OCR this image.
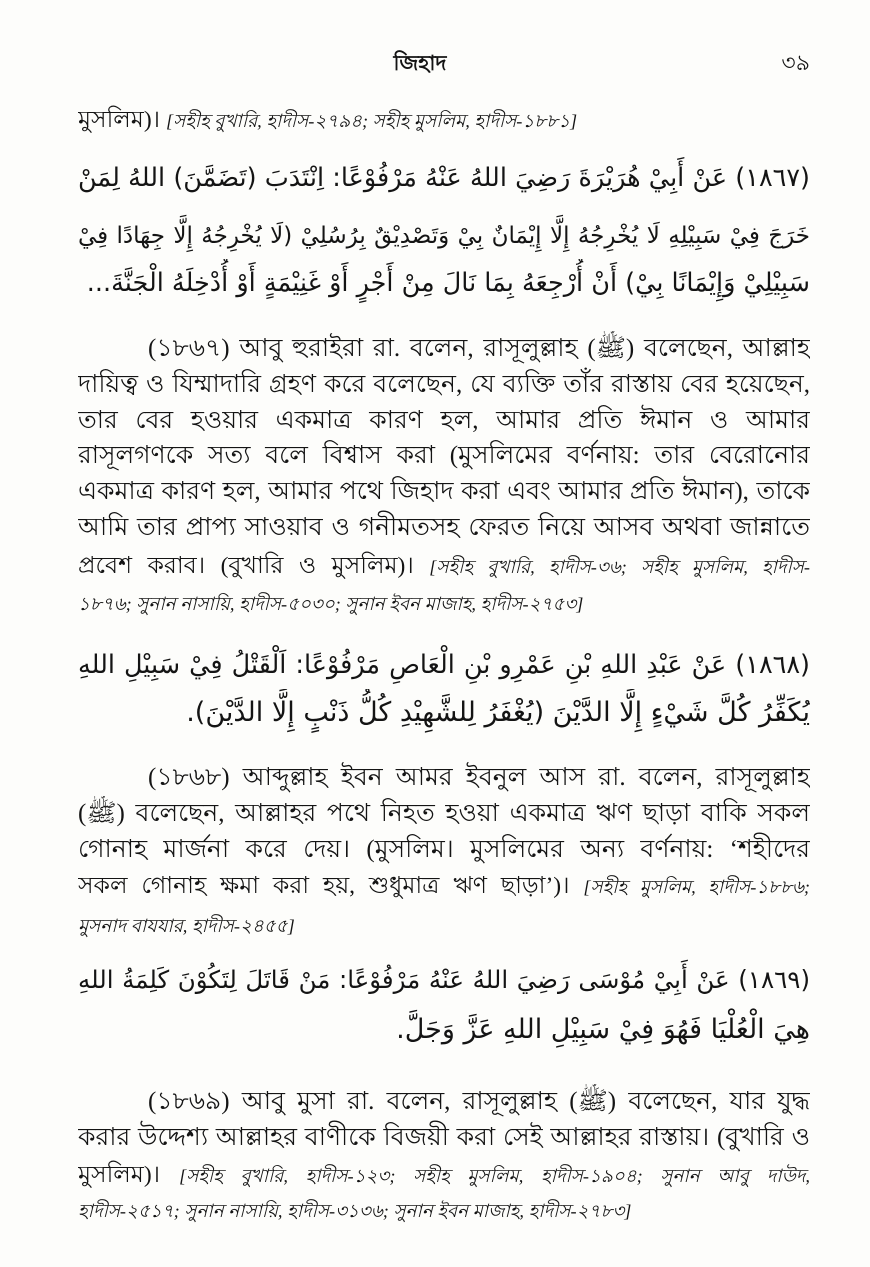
জিহাদ	৩৯
মুসলিম)। [সহীহ বুখারি, হাদীস-২৭৯৪; সহীহ মুসলিম, হাদীস-১৮৮১]
(١٨٦٧) عَنْ أَبِيْ هُرَيْرَةَ رَضِيَ اللهُ عَنْهُ مَرْفُوْعًا: اِنْتَدَبَ (تَضَمَّنَ) اللهُ لِمَنْ
خَرَجَ فِيْ سَبِيْلِهِ لَا يُخْرِجُهُ إِلَّا إِيْمَانٌ بِيْ وَتَصْدِيْقٌ بِرُسُلِيْ (لَا يُخْرِجُهُ إِلَّا جِهَادًا فِيْ
سَبِيْلِيْ وَإِيْمَانًا بِيْ) أَنْ أُرْجِعَهُ بِمَا نَالَ مِنْ أَجْرٍ أَوْ غَنِيْمَةٍ أَوْ أُدْخِلَهُ الْجَنَّةَ...
(১৮৬৭) আবু হুরাইরা রা. বলেন, রাসূলুল্লাহ (ﷺ) বলেছেন, আল্লাহ
দায়িত্ব ও যিম্মাদারি গ্রহণ করে বলেছেন, যে ব্যক্তি তাঁর রাস্তায় বের হয়েছেন,
তার বের হওয়ার একমাত্র কারণ হল, আমার প্রতি ঈমান ও আমার
রাসূলগণকে সত্য বলে বিশ্বাস করা (মুসলিমের বর্ণনায়: তার বেরোনোর
একমাত্র কারণ হল, আমার পথে জিহাদ করা এবং আমার প্রতি ঈমান), তাকে
আমি তার প্রাপ্য সাওয়াব ও গনীমতসহ ফেরত নিয়ে আসব অথবা জান্নাতে
প্রবেশ করাব। (বুখারি ও মুসলিম)। [সহীহ বুখারি, হাদীস-৩৬; সহীহ মুসলিম, হাদীস-
১৮৭৬; সুনান নাসায়ি, হাদীস-৫০৩০; সুনান ইবন মাজাহ, হাদীস-২৭৫৩]
(١٨٦٨) عَنْ عَبْدِ اللهِ بْنِ عَمْرِو بْنِ الْعَاصِ مَرْفُوْعًا: اَلْقَتْلُ فِيْ سَبِيْلِ اللهِ
يُكَفِّرُ كُلَّ شَيْءٍ إِلَّا الدَّيْنَ (يُغْفَرُ لِلشَّهِيْدِ كُلُّ ذَنْبٍ إِلَّا الدَّيْنَ).
(১৮৬৮) আব্দুল্লাহ ইবন আমর ইবনুল আস রা. বলেন, রাসূলুল্লাহ
(ﷺ) বলেছেন, আল্লাহর পথে নিহত হওয়া একমাত্র ঋণ ছাড়া বাকি সকল
গোনাহ মার্জনা করে দেয়। (মুসলিম। মুসলিমের অন্য বর্ণনায়: ‘শহীদের
সকল গোনাহ ক্ষমা করা হয়, শুধুমাত্র ঋণ ছাড়া’)। [সহীহ মুসলিম, হাদীস-১৮৮৬;
মুসনাদ বাযযার, হাদীস-২৪৫৫]
(١٨٦٩) عَنْ أَبِيْ مُوْسَى رَضِيَ اللهُ عَنْهُ مَرْفُوْعًا: مَنْ قَاتَلَ لِتَكُوْنَ كَلِمَةُ اللهِ
هِيَ الْعُلْيَا فَهُوَ فِيْ سَبِيْلِ اللهِ عَزَّ وَجَلَّ.
(১৮৬৯) আবু মুসা রা. বলেন, রাসূলুল্লাহ (ﷺ) বলেছেন, যার যুদ্ধ
করার উদ্দেশ্য আল্লাহর বাণীকে বিজয়ী করা সেই আল্লাহর রাস্তায়। (বুখারি ও
মুসলিম)। [সহীহ বুখারি, হাদীস-১২৩; সহীহ মুসলিম, হাদীস-১৯০৪; সুনান আবু দাউদ,
হাদীস-২৫১৭; সুনান নাসায়ি, হাদীস-৩১৩৬; সুনান ইবন মাজাহ, হাদীস-২৭৮৩]
